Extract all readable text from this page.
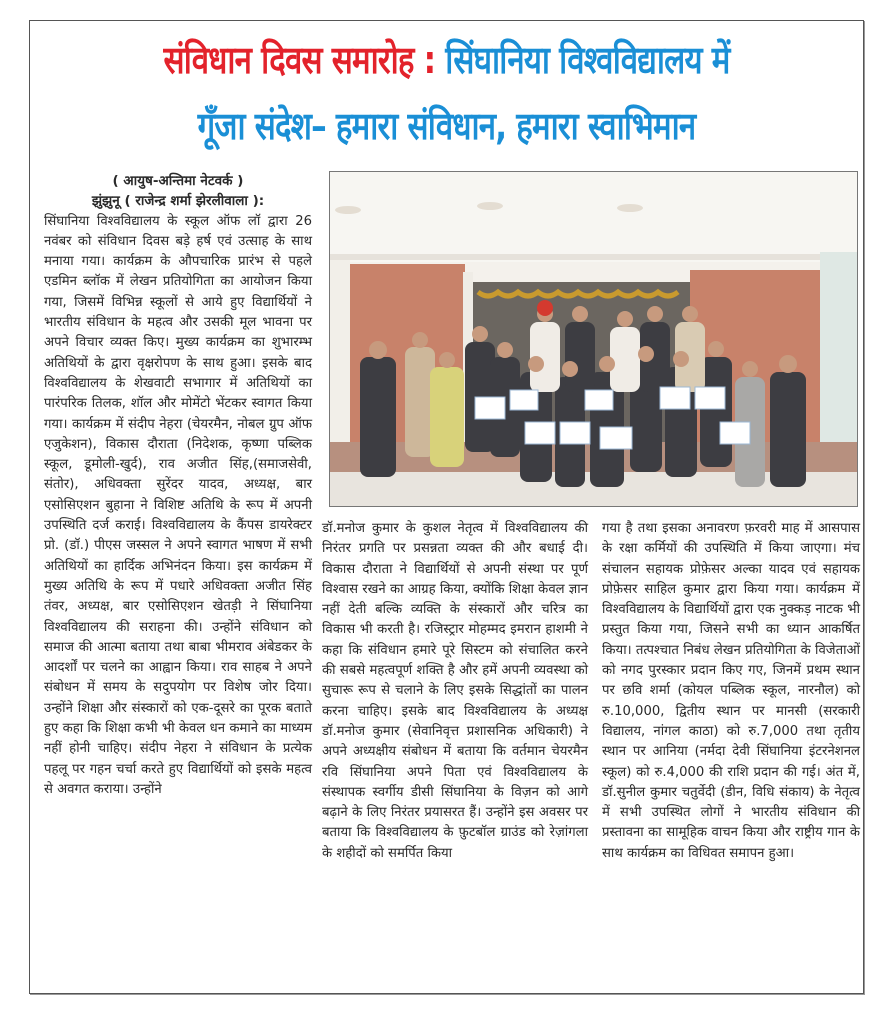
संविधान दिवस समारोह : सिंघानिया विश्वविद्यालय में
गूँजा संदेश– हमारा संविधान, हमारा स्वाभिमान

( आयुष-अन्तिमा नेटवर्क )

झुंझुनू ( राजेन्द्र शर्मा झेरलीवाला ):

सिंघानिया विश्वविद्यालय के स्कूल ऑफ लॉ द्वारा 26 नवंबर को संविधान दिवस बड़े हर्ष एवं उत्साह के साथ मनाया गया। कार्यक्रम के औपचारिक प्रारंभ से पहले एडमिन ब्लॉक में लेखन प्रतियोगिता का आयोजन किया गया, जिसमें विभिन्न स्कूलों से आये हुए विद्यार्थियों ने भारतीय संविधान के महत्व और उसकी मूल भावना पर अपने विचार व्यक्त किए। मुख्य कार्यक्रम का शुभारम्भ अतिथियों के द्वारा वृक्षरोपण के साथ हुआ। इसके बाद विश्वविद्यालय के शेखवाटी सभागार में अतिथियों का पारंपरिक तिलक, शॉल और मोमेंटो भेंटकर स्वागत किया गया। कार्यक्रम में संदीप नेहरा (चेयरमैन, नोबल ग्रुप ऑफ एजुकेशन), विकास दौराता (निदेशक, कृष्णा पब्लिक स्कूल, डूमोली-खुर्द), राव अजीत सिंह,(समाजसेवी, संतोर), अधिवक्ता सुरेंदर यादव, अध्यक्ष, बार एसोसिएशन बुहाना ने विशिष्ट अतिथि के रूप में अपनी उपस्थिति दर्ज कराई। विश्वविद्यालय के कैंपस डायरेक्टर प्रो. (डॉ.) पीएस जस्सल ने अपने स्वागत भाषण में सभी अतिथियों का हार्दिक अभिनंदन किया। इस कार्यक्रम में मुख्य अतिथि के रूप में पधारे अधिवक्ता अजीत सिंह तंवर, अध्यक्ष, बार एसोसिएशन खेतड़ी ने सिंघानिया विश्वविद्यालय की सराहना की। उन्होंने संविधान को समाज की आत्मा बताया तथा बाबा भीमराव अंबेडकर के आदर्शों पर चलने का आह्वान किया। राव साहब ने अपने संबोधन में समय के सदुपयोग पर विशेष जोर दिया। उन्होंने शिक्षा और संस्कारों को एक-दूसरे का पूरक बताते हुए कहा कि शिक्षा कभी भी केवल धन कमाने का माध्यम नहीं होनी चाहिए। संदीप नेहरा ने संविधान के प्रत्येक पहलू पर गहन चर्चा करते हुए विद्यार्थियों को इसके महत्व से अवगत कराया। उन्होंने

डॉ.मनोज कुमार के कुशल नेतृत्व में विश्वविद्यालय की निरंतर प्रगति पर प्रसन्नता व्यक्त की और बधाई दी। विकास दौराता ने विद्यार्थियों से अपनी संस्था पर पूर्ण विश्वास रखने का आग्रह किया, क्योंकि शिक्षा केवल ज्ञान नहीं देती बल्कि व्यक्ति के संस्कारों और चरित्र का विकास भी करती है। रजिस्ट्रार मोहम्मद इमरान हाशमी ने कहा कि संविधान हमारे पूरे सिस्टम को संचालित करने की सबसे महत्वपूर्ण शक्ति है और हमें अपनी व्यवस्था को सुचारू रूप से चलाने के लिए इसके सिद्धांतों का पालन करना चाहिए। इसके बाद विश्वविद्यालय के अध्यक्ष डॉ.मनोज कुमार (सेवानिवृत्त प्रशासनिक अधिकारी) ने अपने अध्यक्षीय संबोधन में बताया कि वर्तमान चेयरमैन रवि सिंघानिया अपने पिता एवं विश्वविद्यालय के संस्थापक स्वर्गीय डीसी सिंघानिया के विज़न को आगे बढ़ाने के लिए निरंतर प्रयासरत हैं। उन्होंने इस अवसर पर बताया कि विश्वविद्यालय के फ़ुटबॉल ग्राउंड को रेज़ांगला के शहीदों को समर्पित किया

गया है तथा इसका अनावरण फ़रवरी माह में आसपास के रक्षा कर्मियों की उपस्थिति में किया जाएगा। मंच संचालन सहायक प्रोफ़ेसर अल्का यादव एवं सहायक प्रोफ़ेसर साहिल कुमार द्वारा किया गया। कार्यक्रम में विश्वविद्यालय के विद्यार्थियों द्वारा एक नुक्कड़ नाटक भी प्रस्तुत किया गया, जिसने सभी का ध्यान आकर्षित किया। तत्पश्चात निबंध लेखन प्रतियोगिता के विजेताओं को नगद पुरस्कार प्रदान किए गए, जिनमें प्रथम स्थान पर छवि शर्मा (कोयल पब्लिक स्कूल, नारनौल) को रु.10,000, द्वितीय स्थान पर मानसी (सरकारी विद्यालय, नांगल काठा) को रु.7,000 तथा तृतीय स्थान पर आनिया (नर्मदा देवी सिंघानिया इंटरनेशनल स्कूल) को रु.4,000 की राशि प्रदान की गई। अंत में, डॉ.सुनील कुमार चतुर्वेदी (डीन, विधि संकाय) के नेतृत्व में सभी उपस्थित लोगों ने भारतीय संविधान की प्रस्तावना का सामूहिक वाचन किया और राष्ट्रीय गान के साथ कार्यक्रम का विधिवत समापन हुआ।
